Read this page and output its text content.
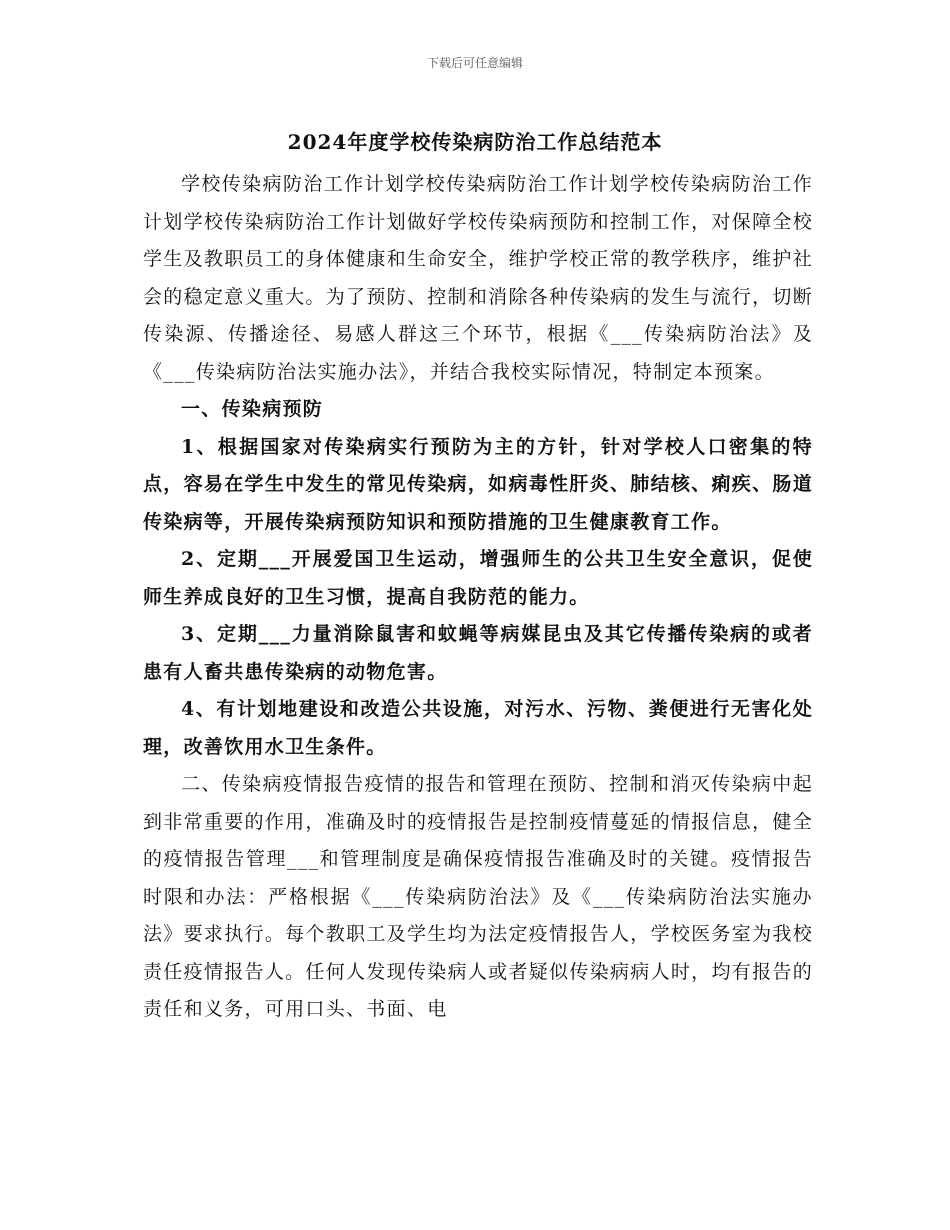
下载后可任意编辑
2024年度学校传染病防治工作总结范本

学校传染病防治工作计划学校传染病防治工作计划学校传染病防治工作计划学校传染病防治工作计划做好学校传染病预防和控制工作，对保障全校学生及教职员工的身体健康和生命安全，维护学校正常的教学秩序，维护社会的稳定意义重大。为了预防、控制和消除各种传染病的发生与流行，切断传染源、传播途径、易感人群这三个环节，根据《___传染病防治法》及《___传染病防治法实施办法》，并结合我校实际情况，特制定本预案。

一、传染病预防

1、根据国家对传染病实行预防为主的方针，针对学校人口密集的特点，容易在学生中发生的常见传染病，如病毒性肝炎、肺结核、痢疾、肠道传染病等，开展传染病预防知识和预防措施的卫生健康教育工作。

2、定期___开展爱国卫生运动，增强师生的公共卫生安全意识，促使师生养成良好的卫生习惯，提高自我防范的能力。

3、定期___力量消除鼠害和蚊蝇等病媒昆虫及其它传播传染病的或者患有人畜共患传染病的动物危害。

4、有计划地建设和改造公共设施，对污水、污物、粪便进行无害化处理，改善饮用水卫生条件。

二、传染病疫情报告疫情的报告和管理在预防、控制和消灭传染病中起到非常重要的作用，准确及时的疫情报告是控制疫情蔓延的情报信息，健全的疫情报告管理___和管理制度是确保疫情报告准确及时的关键。疫情报告时限和办法：严格根据《___传染病防治法》及《___传染病防治法实施办法》要求执行。每个教职工及学生均为法定疫情报告人，学校医务室为我校责任疫情报告人。任何人发现传染病人或者疑似传染病病人时，均有报告的责任和义务，可用口头、书面、电
